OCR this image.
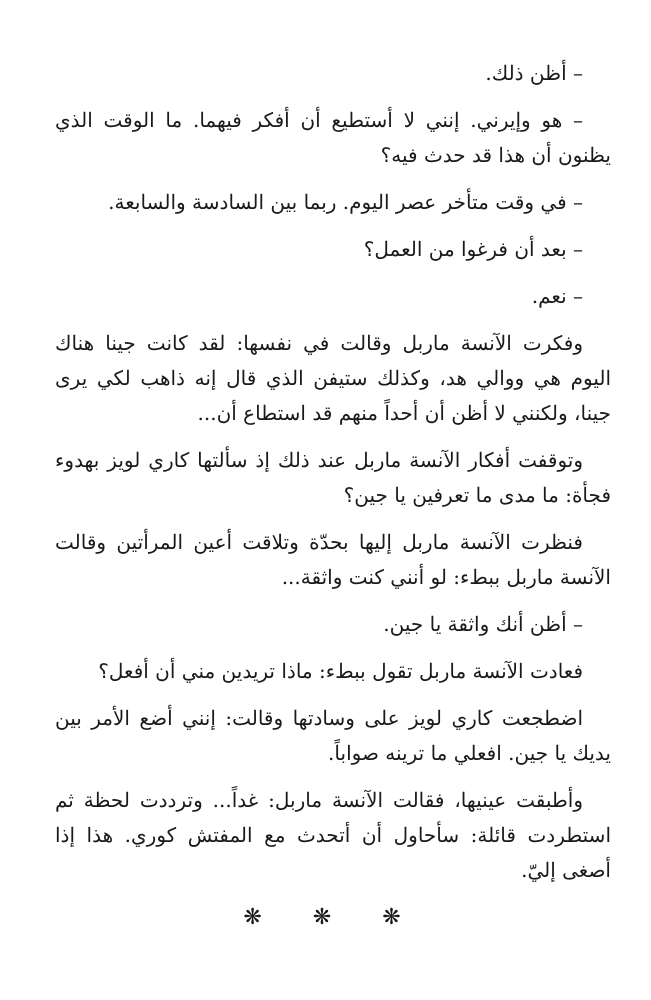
– أظن ذلك.

– هو وإيرني. إنني لا أستطيع أن أفكر فيهما. ما الوقت الذي يظنون أن هذا قد حدث فيه؟

– في وقت متأخر عصر اليوم. ربما بين السادسة والسابعة.

– بعد أن فرغوا من العمل؟

– نعم.

وفكرت الآنسة ماربل وقالت في نفسها: لقد كانت جينا هناك اليوم هي ووالي هد، وكذلك ستيفن الذي قال إنه ذاهب لكي يرى جينا، ولكنني لا أظن أن أحداً منهم قد استطاع أن...

وتوقفت أفكار الآنسة ماربل عند ذلك إذ سألتها كاري لويز بهدوء فجأة: ما مدى ما تعرفين يا جين؟

فنظرت الآنسة ماربل إليها بحدّة وتلاقت أعين المرأتين وقالت الآنسة ماربل ببطء: لو أنني كنت واثقة...

– أظن أنك واثقة يا جين.

فعادت الآنسة ماربل تقول ببطء: ماذا تريدين مني أن أفعل؟

اضطجعت كاري لويز على وسادتها وقالت: إنني أضع الأمر بين يديك يا جين. افعلي ما ترينه صواباً.

وأطبقت عينيها، فقالت الآنسة ماربل: غداً... وترددت لحظة ثم استطردت قائلة: سأحاول أن أتحدث مع المفتش كوري. هذا إذا أصغى إليّ.

❋ ❋ ❋
